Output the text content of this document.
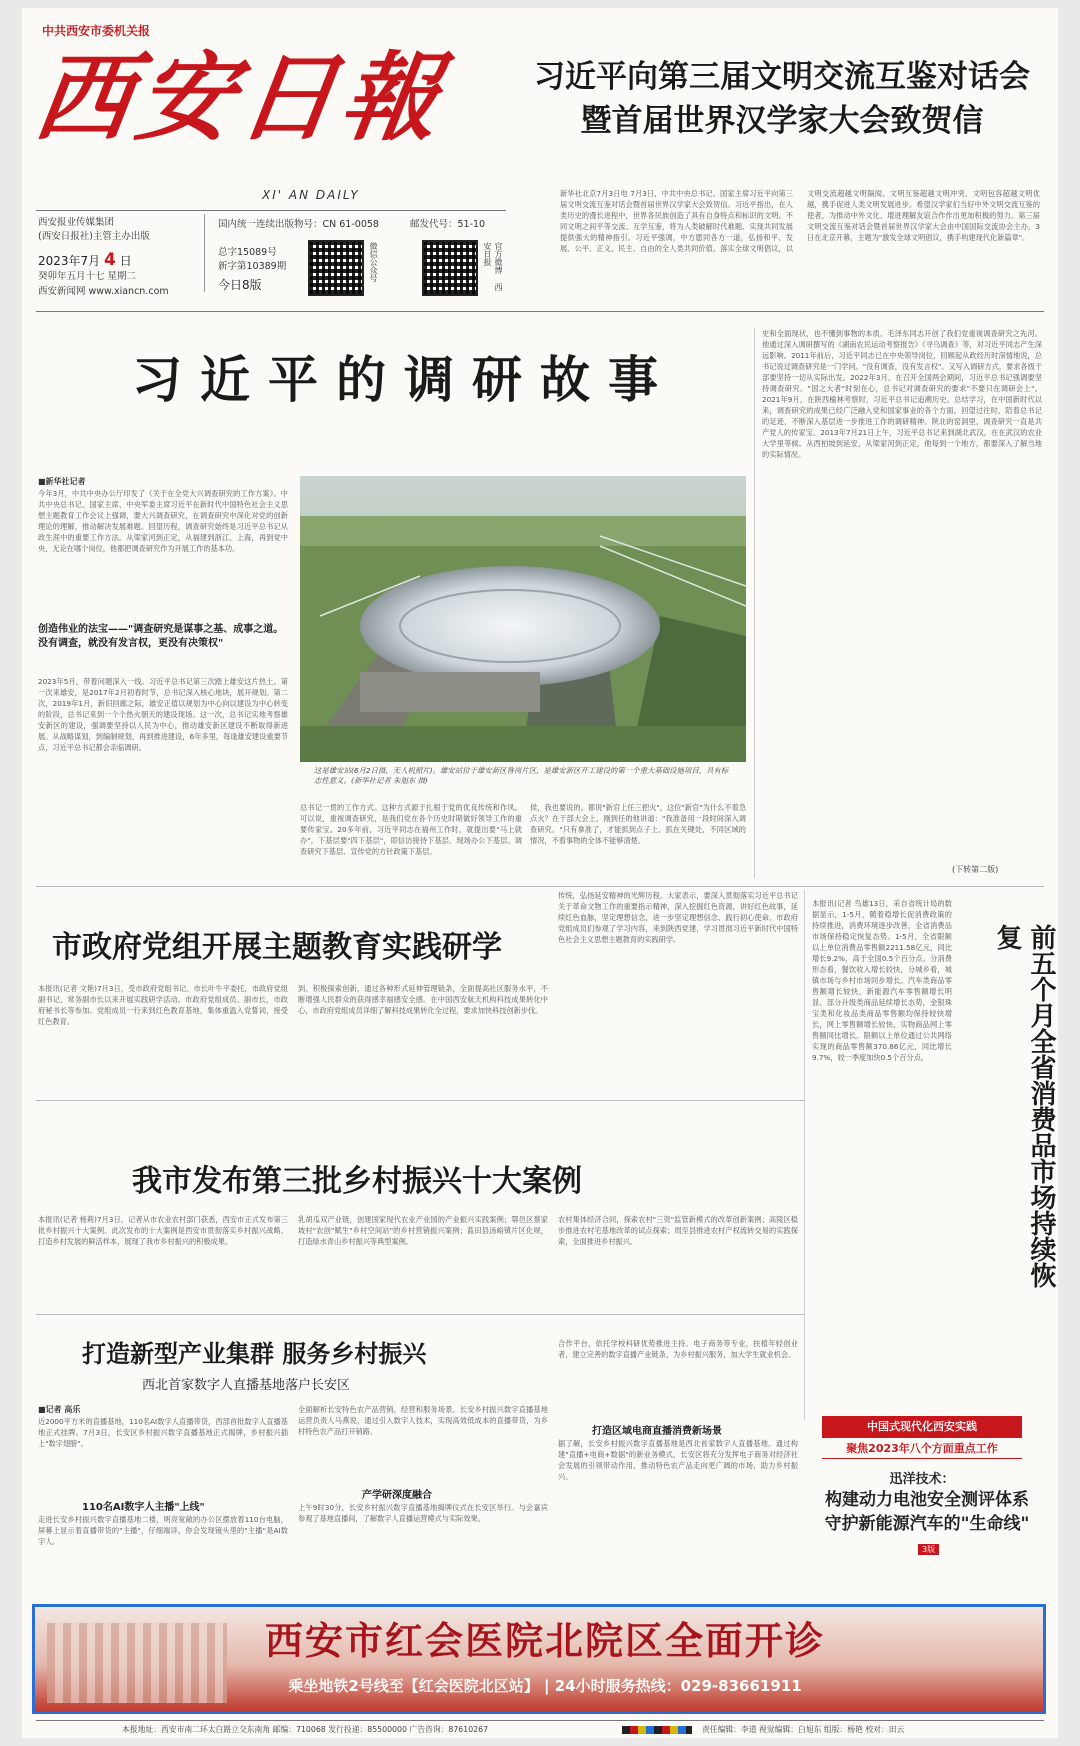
中共西安市委机关报
西安日報
XI' AN DAILY
西安报业传媒集团
(西安日报社)主管主办出版
国内统一连续出版物号：CN 61-0058	邮发代号：51-10
2023年7月 4 日
癸卯年五月十七 星期二
西安新闻网 www.xiancn.com
总字15089号
新字第10389期
今日8版
微信公众号	官方微博 西安日报
习近平向第三届文明交流互鉴对话会
暨首届世界汉学家大会致贺信
新华社北京7月3日电 7月3日，中共中央总书记、国家主席习近平向第三届文明交流互鉴对话会暨首届世界汉学家大会致贺信。习近平指出，在人类历史的漫长进程中，世界各民族创造了具有自身特点和标识的文明。不同文明之间平等交流、互学互鉴，将为人类破解时代难题、实现共同发展提供强大的精神指引。习近平强调，中方愿同各方一道，弘扬和平、发展、公平、正义、民主、自由的全人类共同价值，落实全球文明倡议，以文明交流超越文明隔阂、文明互鉴超越文明冲突、文明包容超越文明优越，携手促进人类文明发展进步。希望汉学家们当好中外文明交流互鉴的使者，为推动中外文化、增进理解友谊合作作出更加积极的努力。第三届文明交流互鉴对话会暨首届世界汉学家大会由中国国际交流协会主办，3日在北京开幕，主题为"激发全球文明倡议，携手构建现代化新篇章"。
习近平的调研故事
■新华社记者
今年3月，中共中央办公厅印发了《关于在全党大兴调查研究的工作方案》。中共中央总书记、国家主席、中央军委主席习近平在新时代中国特色社会主义思想主题教育工作会议上强调，要大兴调查研究，在调查研究中深化对党的创新理论的理解，推动解决发展难题。回望历程，调查研究始终是习近平总书记从政生涯中的重要工作方法。从梁家河到正定，从福建到浙江、上海，再到党中央，无论在哪个岗位，他都把调查研究作为开展工作的基本功。
创造伟业的法宝——"调查研究是谋事之基、成事之道。没有调查，就没有发言权，更没有决策权"
2023年5月，带着问题深入一线。习近平总书记第三次踏上雄安这片热土。第一次来雄安，是2017年2月初春时节，总书记深入核心地块，展开规划。第二次，2019年1月，新旧回廊之际，雄安正值以规划为中心向以建设为中心转变的阶段，总书记来到一个个热火朝天的建设现场。这一次，总书记实地考察雄安新区的建设，强调要坚持以人民为中心，推动雄安新区建设不断取得新进展。从战略谋划，到编制规划，再到推进建设，6年多里，每逢雄安建设重要节点，习近平总书记都会亲临调研。
这是雄安站(6月2日摄，无人机照片)。雄安站位于雄安新区昝岗片区，是雄安新区开工建设的第一个重大基础设施项目，具有标志性意义。(新华社记者 朱旭东 摄)
总书记一贯的工作方式。这种方式源于扎根于党的优良传统和作风。可以说，重视调查研究，是我们党在各个历史时期做好领导工作的重要传家宝。20多年前，习近平同志在福州工作时，就提出要"马上就办"，下基层要"四下基层"，即信访接待下基层、现场办公下基层、调查研究下基层、宣传党的方针政策下基层。
侯，我也要说的。都说"新官上任三把火"，这位"新官"为什么不着急点火？在干部大会上，刚到任的他讲道："我准备用一段时间深入调查研究。"只有拿准了，才能抓到点子上、抓在关键处，不同区域的情况，不看事物的全体不能够清楚。
史和全面现状，也不懂到事物的本质。毛泽东同志开创了我们党重视调查研究之先河。他通过深入调研撰写的《湖南农民运动考察报告》《寻乌调查》等，对习近平同志产生深远影响。2011年前后，习近平同志已在中央领导岗位，回顾起从政经历时深情地说，总书记说过调查研究是一门学问。"没有调查，没有发言权"。又写入调研方式，要求各级干部要坚持一切从实际出发。2022年3月，在召开全国两会期间，习近平总书记强调要坚持调查研究。"国之大者"时刻在心，总书记对调查研究的要求"不要只在调研会上"。2021年9月，在陕西榆林考察时，习近平总书记追溯历史。总结学习，在中国新时代以来，调查研究的成果已经广泛融入党和国家事业的各个方面。回望过往时，陪着总书记的足迹，不断深入基层进一步推进工作的调研精神。陕北的窑洞里，调查研究一直是共产党人的传家宝。2013年7月21日上午，习近平总书记来到湖北武汉，在在武汉的农业大学里等候。从西柏坡到延安，从梁家河到正定，他每到一个地方，都要深入了解当地的实际情况。
(下转第二版)
市政府党组开展主题教育实践研学
本报讯(记者 文艳)7月3日，受市政府党组书记、市长叶牛平委托，市政府党组副书记、常务副市长以来开展实践研学活动。市政府党组成员、副市长，市政府秘书长等参加。党组成员一行来到红色教育基地，集体重温入党誓词，接受红色教育。
到、积极探索创新，通过各种形式延伸管理链条，全面提高社区服务水平，不断增强人民群众的获得感幸福感安全感。在中国西安航天机构科技成果转化中心，市政府党组成员详细了解科技成果转化全过程，要求加快科技创新步伐。
传统，弘扬延安精神的光辉历程。大家表示，要深入贯彻落实习近平总书记关于革命文物工作的重要指示精神，深入挖掘红色资源，讲好红色故事，延续红色血脉，坚定理想信念，进一步坚定理想信念、践行初心使命。市政府党组成员们参观了学习内容，来到陕西党建，学习贯彻习近平新时代中国特色社会主义思想主题教育的实践研学。
本报讯(记者 鸟雄13日，采自省统计局的数据显示，1-5月，随着稳增长促消费政策的持续推进，消费环境逐步改善，全省消费品市场保持稳定恢复态势。1-5月，全省限额以上单位消费品零售额2211.58亿元，同比增长9.2%，高于全国0.5个百分点。分消费形态看，餐饮收入增长较快，分城乡看，城镇市场与乡村市场同步增长。汽车类商品零售额增长较快，新能源汽车零售额增长明显。部分升级类商品延续增长态势，金银珠宝类和化妆品类商品零售额均保持较快增长，网上零售额增长较快，实物商品网上零售额同比增长。限额以上单位通过公共网络实现的商品零售额370.86亿元，同比增长9.7%，较一季度加快0.5个百分点。	前五个月全省消费品市场持续恢复
中国式现代化西安实践
聚焦2023年八个方面重点工作
迅洋技术：
构建动力电池安全测评体系
守护新能源汽车的"生命线"
3版
我市发布第三批乡村振兴十大案例
本报讯(记者 杨莉)7月3日，记者从市农业农村部门获悉，西安市正式发布第三批乡村振兴十大案例。此次发布的十大案例是西安市贯彻落实乡村振兴战略、打造乡村发展的鲜活样本，展现了我市乡村振兴的积极成果。
乳胡瓜双产业链，创建国家现代农业产业园的产业振兴实践案例；鄠邑区蔡家坡村"农创"赋生"乡村空间站"的乡村营销振兴案例；蓝田县汤峪镇片区化规，打造绿水青山乡村振兴等典型案例。
农村集体经济合同，探索农村"三资"监管新模式的改革创新案例；高陵区稳步推进农村宅基地改革的试点探索；周至县推进农村产权流转交易的实践探索，全面推进乡村振兴。
打造新型产业集群 服务乡村振兴
西北首家数字人直播基地落户长安区
■记者 高乐
近2000平方米的直播基地，110名AI数字人直播带货，西部首批数字人直播基地正式挂牌。7月3日，长安区乡村振兴数字直播基地正式揭牌，乡村振兴插上"数字翅膀"。
110名AI数字人主播"上线"
走进长安乡村振兴数字直播基地二楼，明亮宽敞的办公区摆放着110台电脑，屏幕上显示着直播带货的"主播"，仔细端详，你会发现镜头里的"主播"是AI数字人。
全面解析长安特色农产品营销，经营和服务场景。长安乡村振兴数字直播基地运营负责人马燕说，通过引入数字人技术，实现高效低成本的直播带货，为乡村特色农产品打开销路。
产学研深度融合
上午9时30分，长安乡村振兴数字直播基地揭牌仪式在长安区举行。与会嘉宾参观了基地直播间，了解数字人直播运营模式与实际效果。
合作平台，依托学校科研优势推进主持、电子商务等专业，扶植年轻创业者，建立完善的数字直播产业链条，为乡村振兴服务，加大学生就业机会。
打造区域电商直播消费新场景
据了解，长安乡村振兴数字直播基地是西北首家数字人直播基地。通过构建"直播+电商+数据"的新业务模式，长安区将充分发挥电子商务对经济社会发展的引领带动作用，推动特色农产品走向更广阔的市场，助力乡村振兴。
西安市红会医院北院区全面开诊
乘坐地铁2号线至【红会医院北区站】 | 24小时服务热线：029-83661911
本报地址：西安市南二环太白路立交东南角 邮编：710068 发行投递：85500000 广告咨询：87610267	责任编辑：李道 视觉编辑：白旭东 组版：杨艳 校对：田云
